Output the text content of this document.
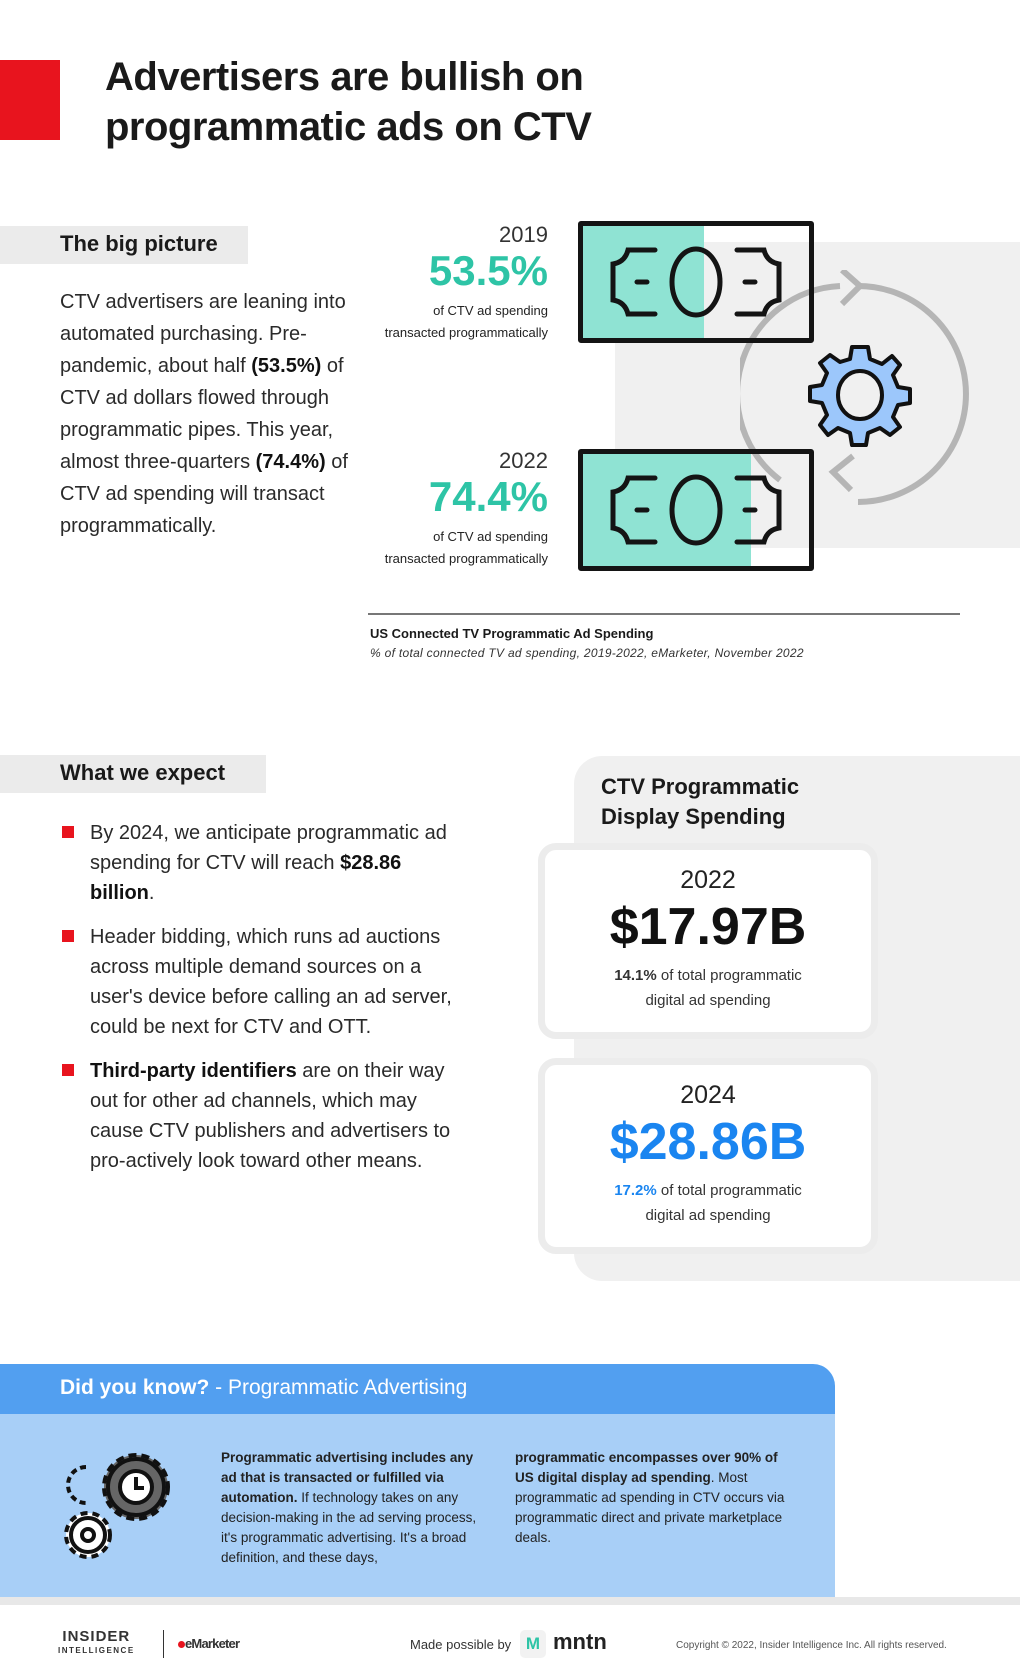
Advertisers are bullish on
programmatic ads on CTV
The big picture
CTV advertisers are leaning into automated purchasing. Pre-pandemic, about half (53.5%) of CTV ad dollars flowed through programmatic pipes. This year, almost three-quarters (74.4%) of CTV ad spending will transact programmatically.
2019
53.5%
of CTV ad spending
transacted programmatically
2022
74.4%
of CTV ad spending
transacted programmatically
US Connected TV Programmatic Ad Spending
% of total connected TV ad spending, 2019-2022, eMarketer, November 2022
What we expect
By 2024, we anticipate programmatic ad spending for CTV will reach $28.86 billion.
Header bidding, which runs ad auctions across multiple demand sources on a user's device before calling an ad server, could be next for CTV and OTT.
Third-party identifiers are on their way out for other ad channels, which may cause CTV publishers and advertisers to pro-actively look toward other means.
CTV Programmatic
Display Spending
2022
$17.97B
14.1% of total programmatic
digital ad spending
2024
$28.86B
17.2% of total programmatic
digital ad spending
Did you know? - Programmatic Advertising
Programmatic advertising includes any ad that is transacted or fulfilled via automation. If technology takes on any decision-making in the ad serving process, it's programmatic advertising. It's a broad definition, and these days,
programmatic encompasses over 90% of US digital display ad spending. Most programmatic ad spending in CTV occurs via programmatic direct and private marketplace deals.
INSIDER
INTELLIGENCE	eMarketer	Made possible by M mntn	Copyright © 2022, Insider Intelligence Inc. All rights reserved.
